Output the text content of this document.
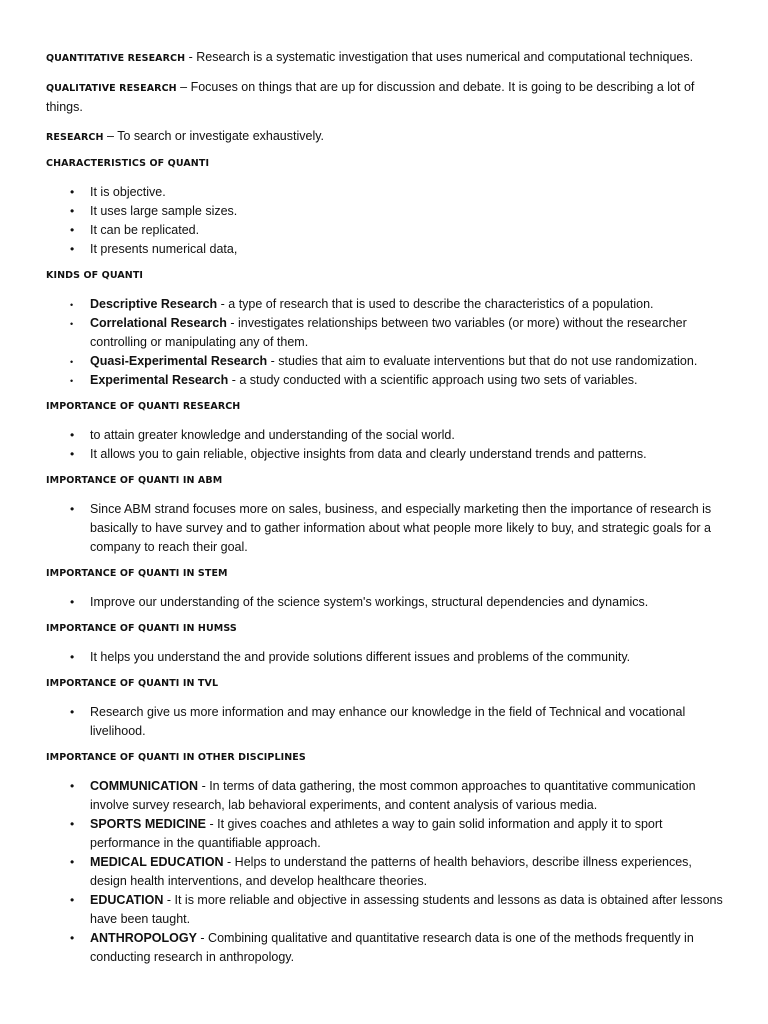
QUANTITATIVE RESEARCH - Research is a systematic investigation that uses numerical and computational techniques.

QUALITATIVE RESEARCH – Focuses on things that are up for discussion and debate. It is going to be describing a lot of things.

RESEARCH – To search or investigate exhaustively.

CHARACTERISTICS OF QUANTI
• It is objective.
• It uses large sample sizes.
• It can be replicated.
• It presents numerical data,
KINDS OF QUANTI
• Descriptive Research - a type of research that is used to describe the characteristics of a population.
• Correlational Research - investigates relationships between two variables (or more) without the researcher controlling or manipulating any of them.
• Quasi-Experimental Research - studies that aim to evaluate interventions but that do not use randomization.
• Experimental Research - a study conducted with a scientific approach using two sets of variables.
IMPORTANCE OF QUANTI RESEARCH
• to attain greater knowledge and understanding of the social world.
• It allows you to gain reliable, objective insights from data and clearly understand trends and patterns.
IMPORTANCE OF QUANTI IN ABM
• Since ABM strand focuses more on sales, business, and especially marketing then the importance of research is basically to have survey and to gather information about what people more likely to buy, and strategic goals for a company to reach their goal.
IMPORTANCE OF QUANTI IN STEM
• Improve our understanding of the science system's workings, structural dependencies and dynamics.
IMPORTANCE OF QUANTI IN HUMSS
• It helps you understand the and provide solutions different issues and problems of the community.
IMPORTANCE OF QUANTI IN TVL
• Research give us more information and may enhance our knowledge in the field of Technical and vocational livelihood.
IMPORTANCE OF QUANTI IN OTHER DISCIPLINES
• COMMUNICATION - In terms of data gathering, the most common approaches to quantitative communication involve survey research, lab behavioral experiments, and content analysis of various media.
• SPORTS MEDICINE - It gives coaches and athletes a way to gain solid information and apply it to sport performance in the quantifiable approach.
• MEDICAL EDUCATION - Helps to understand the patterns of health behaviors, describe illness experiences, design health interventions, and develop healthcare theories.
• EDUCATION - It is more reliable and objective in assessing students and lessons as data is obtained after lessons have been taught.
• ANTHROPOLOGY - Combining qualitative and quantitative research data is one of the methods frequently in conducting research in anthropology.
